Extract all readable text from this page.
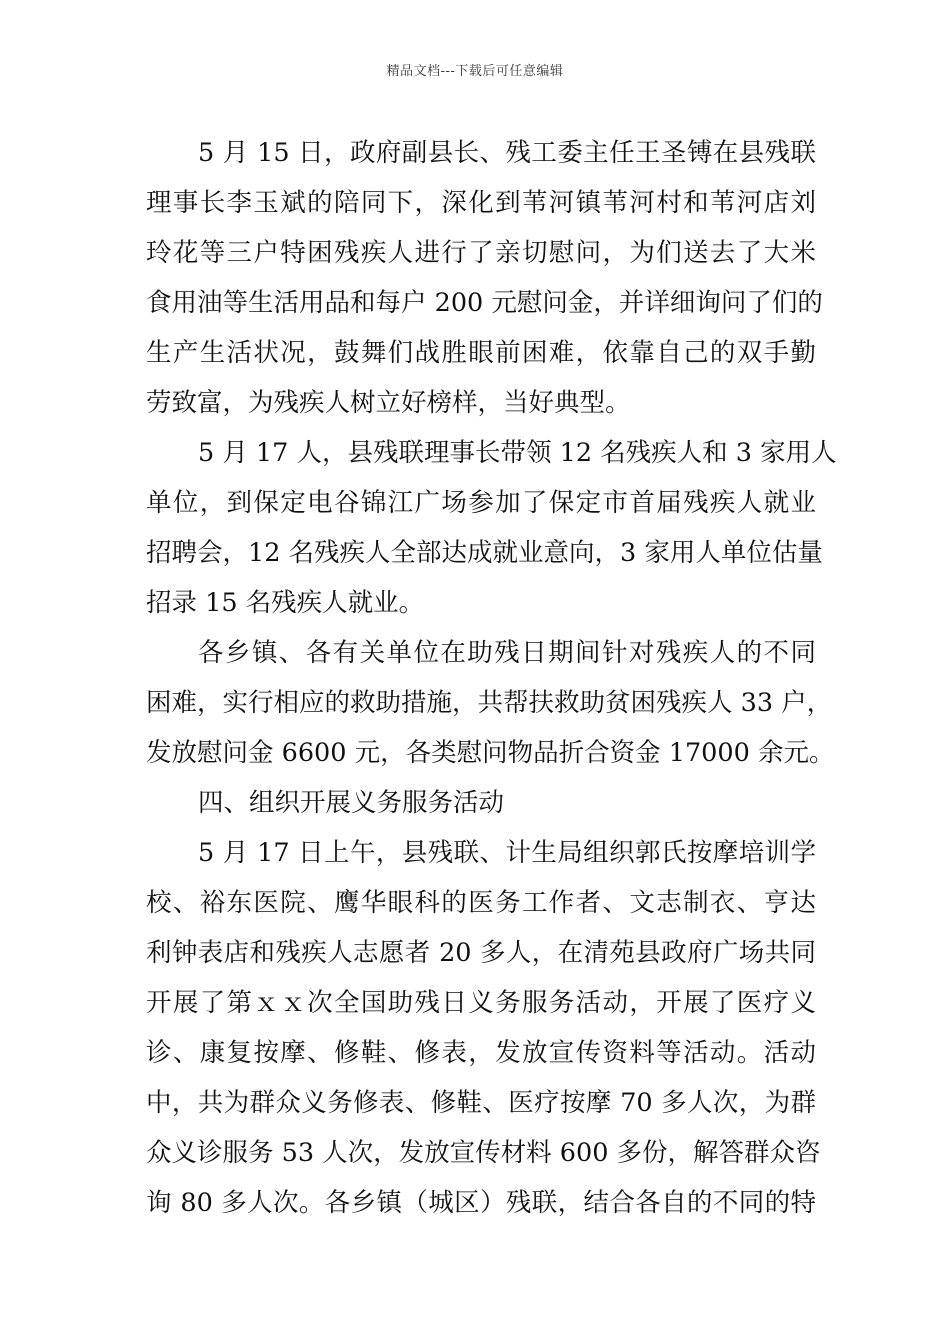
精品文档---下载后可任意编辑
5 月 15 日，政府副县长、残工委主任王圣镈在县残联
理事长李玉斌的陪同下，深化到苇河镇苇河村和苇河店刘
玲花等三户特困残疾人进行了亲切慰问，为们送去了大米
食用油等生活用品和每户 200 元慰问金，并详细询问了们的
生产生活状况，鼓舞们战胜眼前困难，依靠自己的双手勤
劳致富，为残疾人树立好榜样，当好典型。
5 月 17 人，县残联理事长带领 12 名残疾人和 3 家用人
单位，到保定电谷锦江广场参加了保定市首届残疾人就业
招聘会，12 名残疾人全部达成就业意向，3 家用人单位估量
招录 15 名残疾人就业。
各乡镇、各有关单位在助残日期间针对残疾人的不同
困难，实行相应的救助措施，共帮扶救助贫困残疾人 33 户，
发放慰问金 6600 元，各类慰问物品折合资金 17000 余元。
四、组织开展义务服务活动
5 月 17 日上午，县残联、计生局组织郭氏按摩培训学
校、裕东医院、鹰华眼科的医务工作者、文志制衣、亨达
利钟表店和残疾人志愿者 20 多人，在清苑县政府广场共同
开展了第ｘｘ次全国助残日义务服务活动，开展了医疗义
诊、康复按摩、修鞋、修表，发放宣传资料等活动。活动
中，共为群众义务修表、修鞋、医疗按摩 70 多人次，为群
众义诊服务 53 人次，发放宣传材料 600 多份，解答群众咨
询 80 多人次。各乡镇（城区）残联，结合各自的不同的特
